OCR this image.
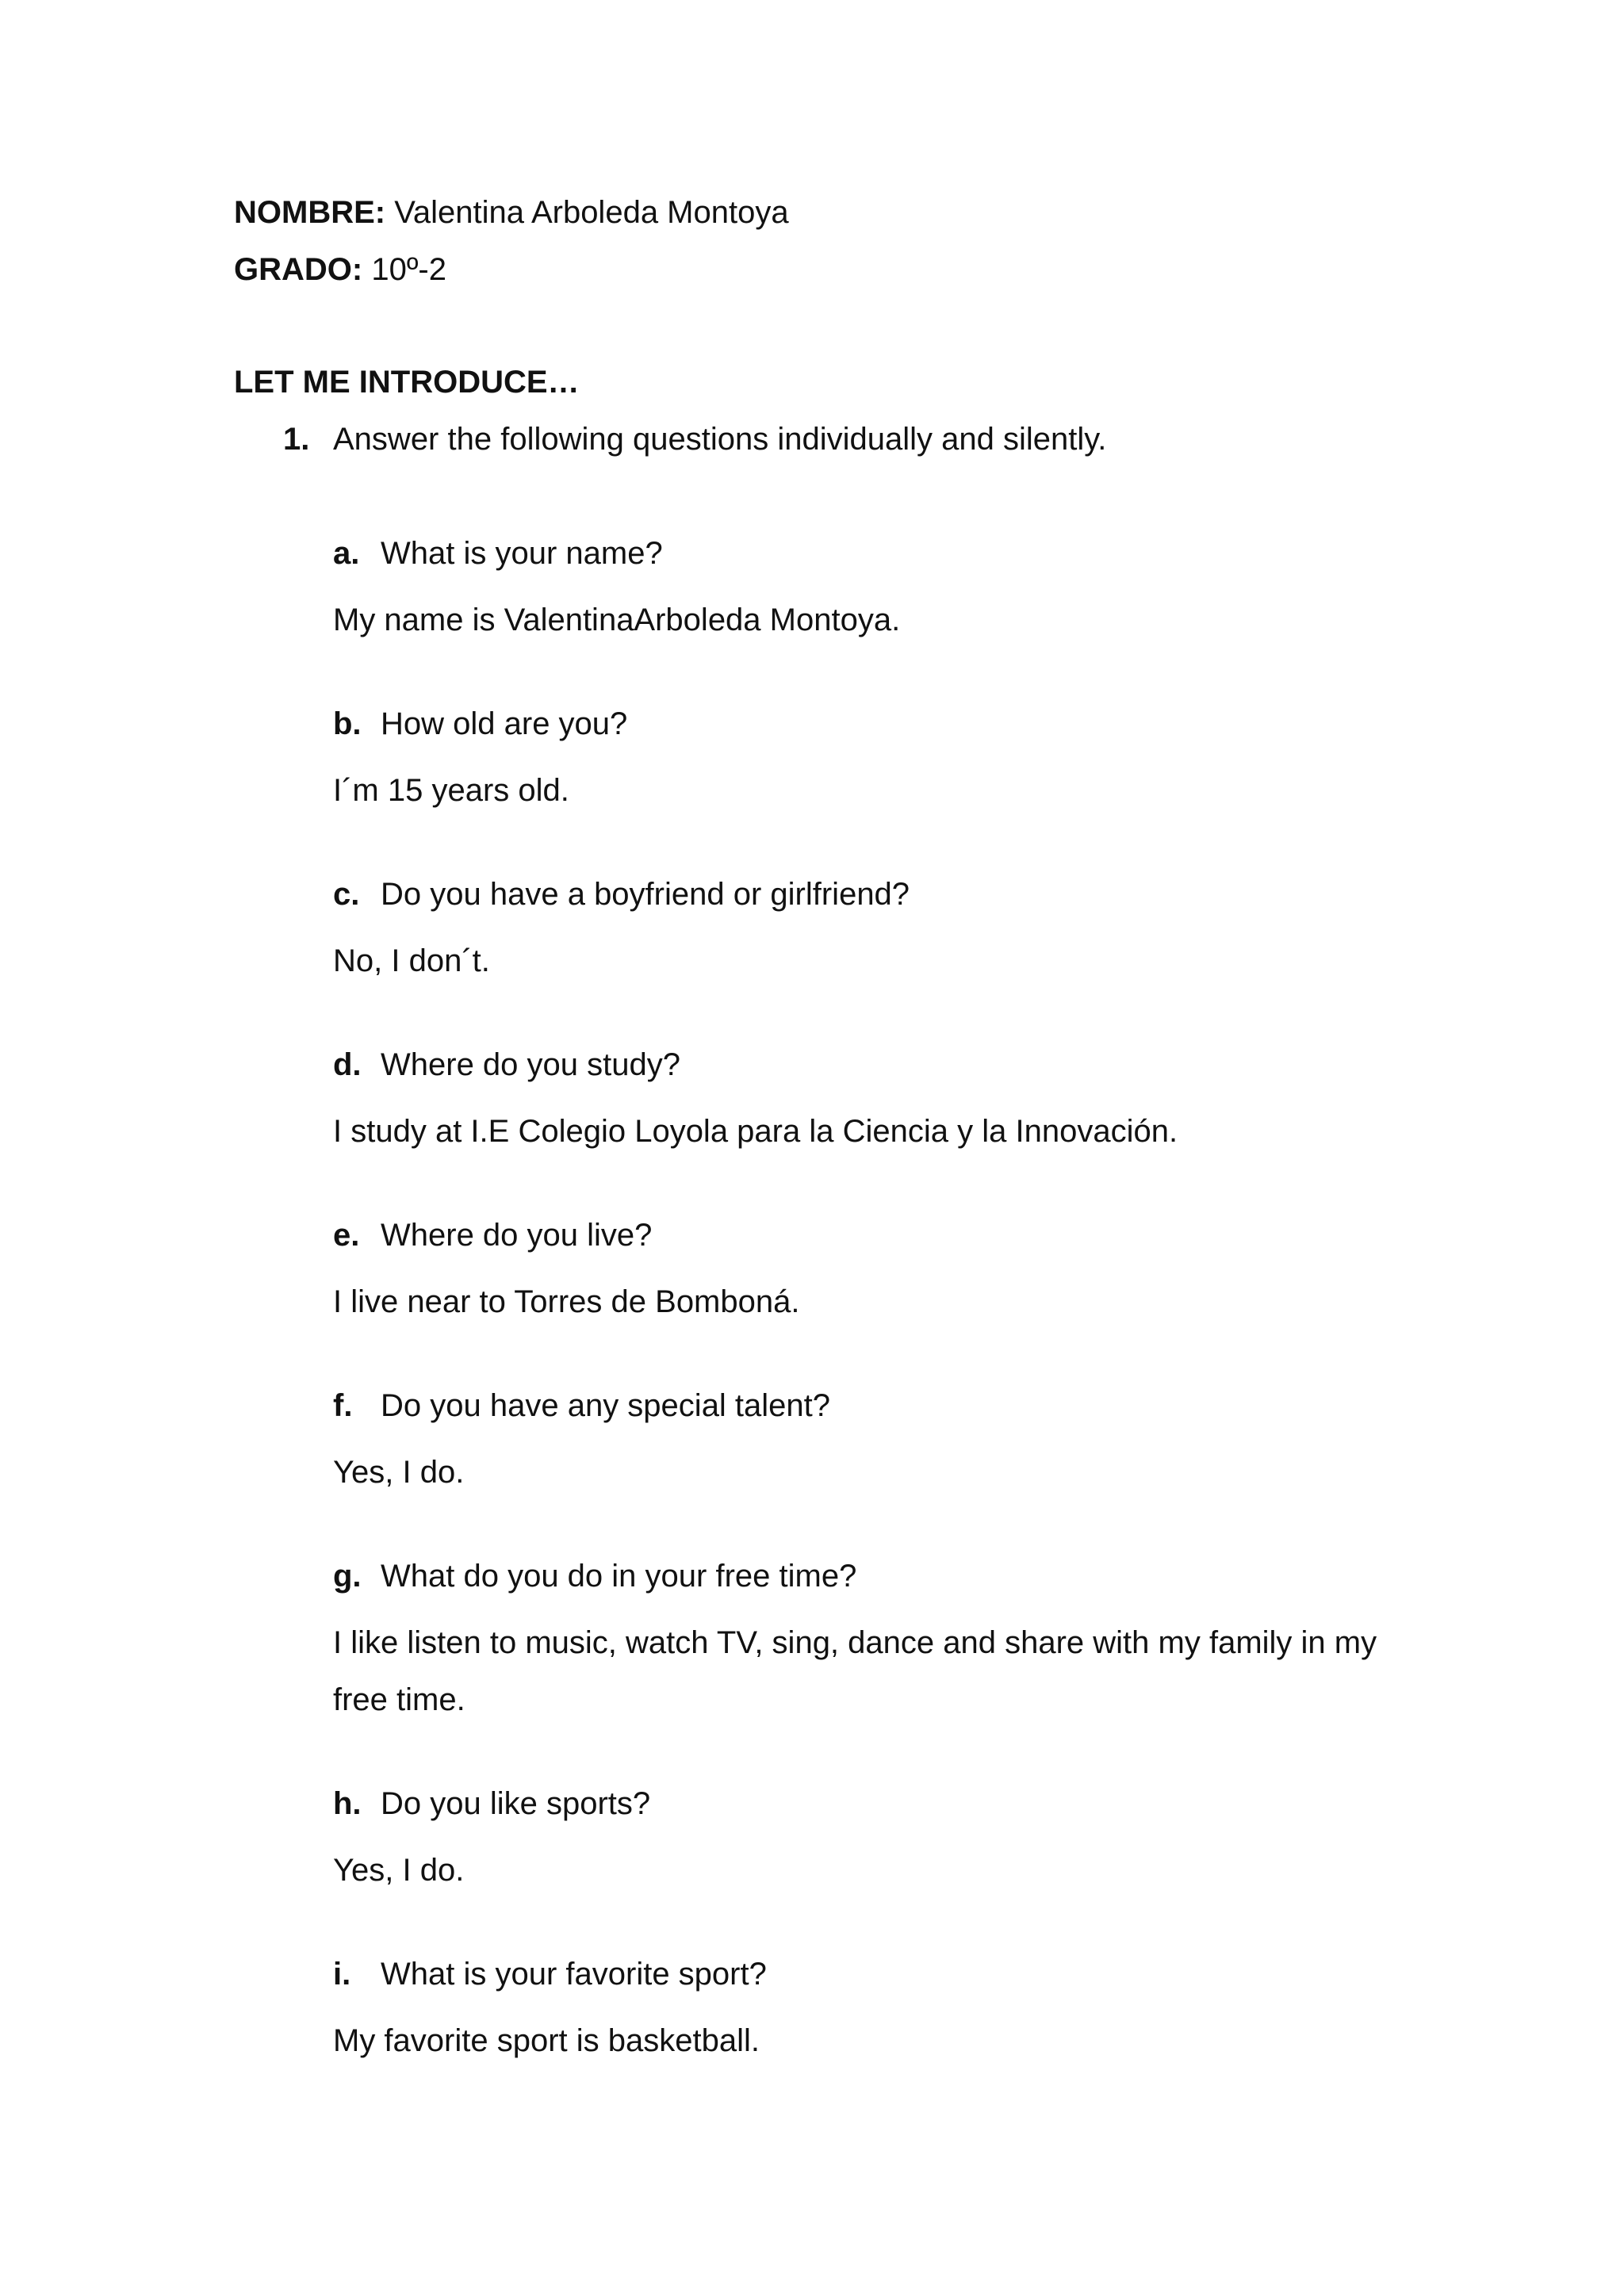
NOMBRE: Valentina Arboleda Montoya
GRADO: 10º-2
LET ME INTRODUCE…
1. Answer the following questions individually and silently.
a. What is your name?
My name is ValentinaArboleda Montoya.
b. How old are you?
I´m 15 years old.
c. Do you have a boyfriend or girlfriend?
No, I don´t.
d. Where do you study?
I study at I.E Colegio Loyola para la Ciencia y la Innovación.
e. Where do you live?
I live near to Torres de Bomboná.
f. Do you have any special talent?
Yes, I do.
g. What do you do in your free time?
I like listen to music, watch TV, sing, dance and share with my family in my free time.
h. Do you like sports?
Yes, I do.
i. What is your favorite sport?
My favorite sport is basketball.
